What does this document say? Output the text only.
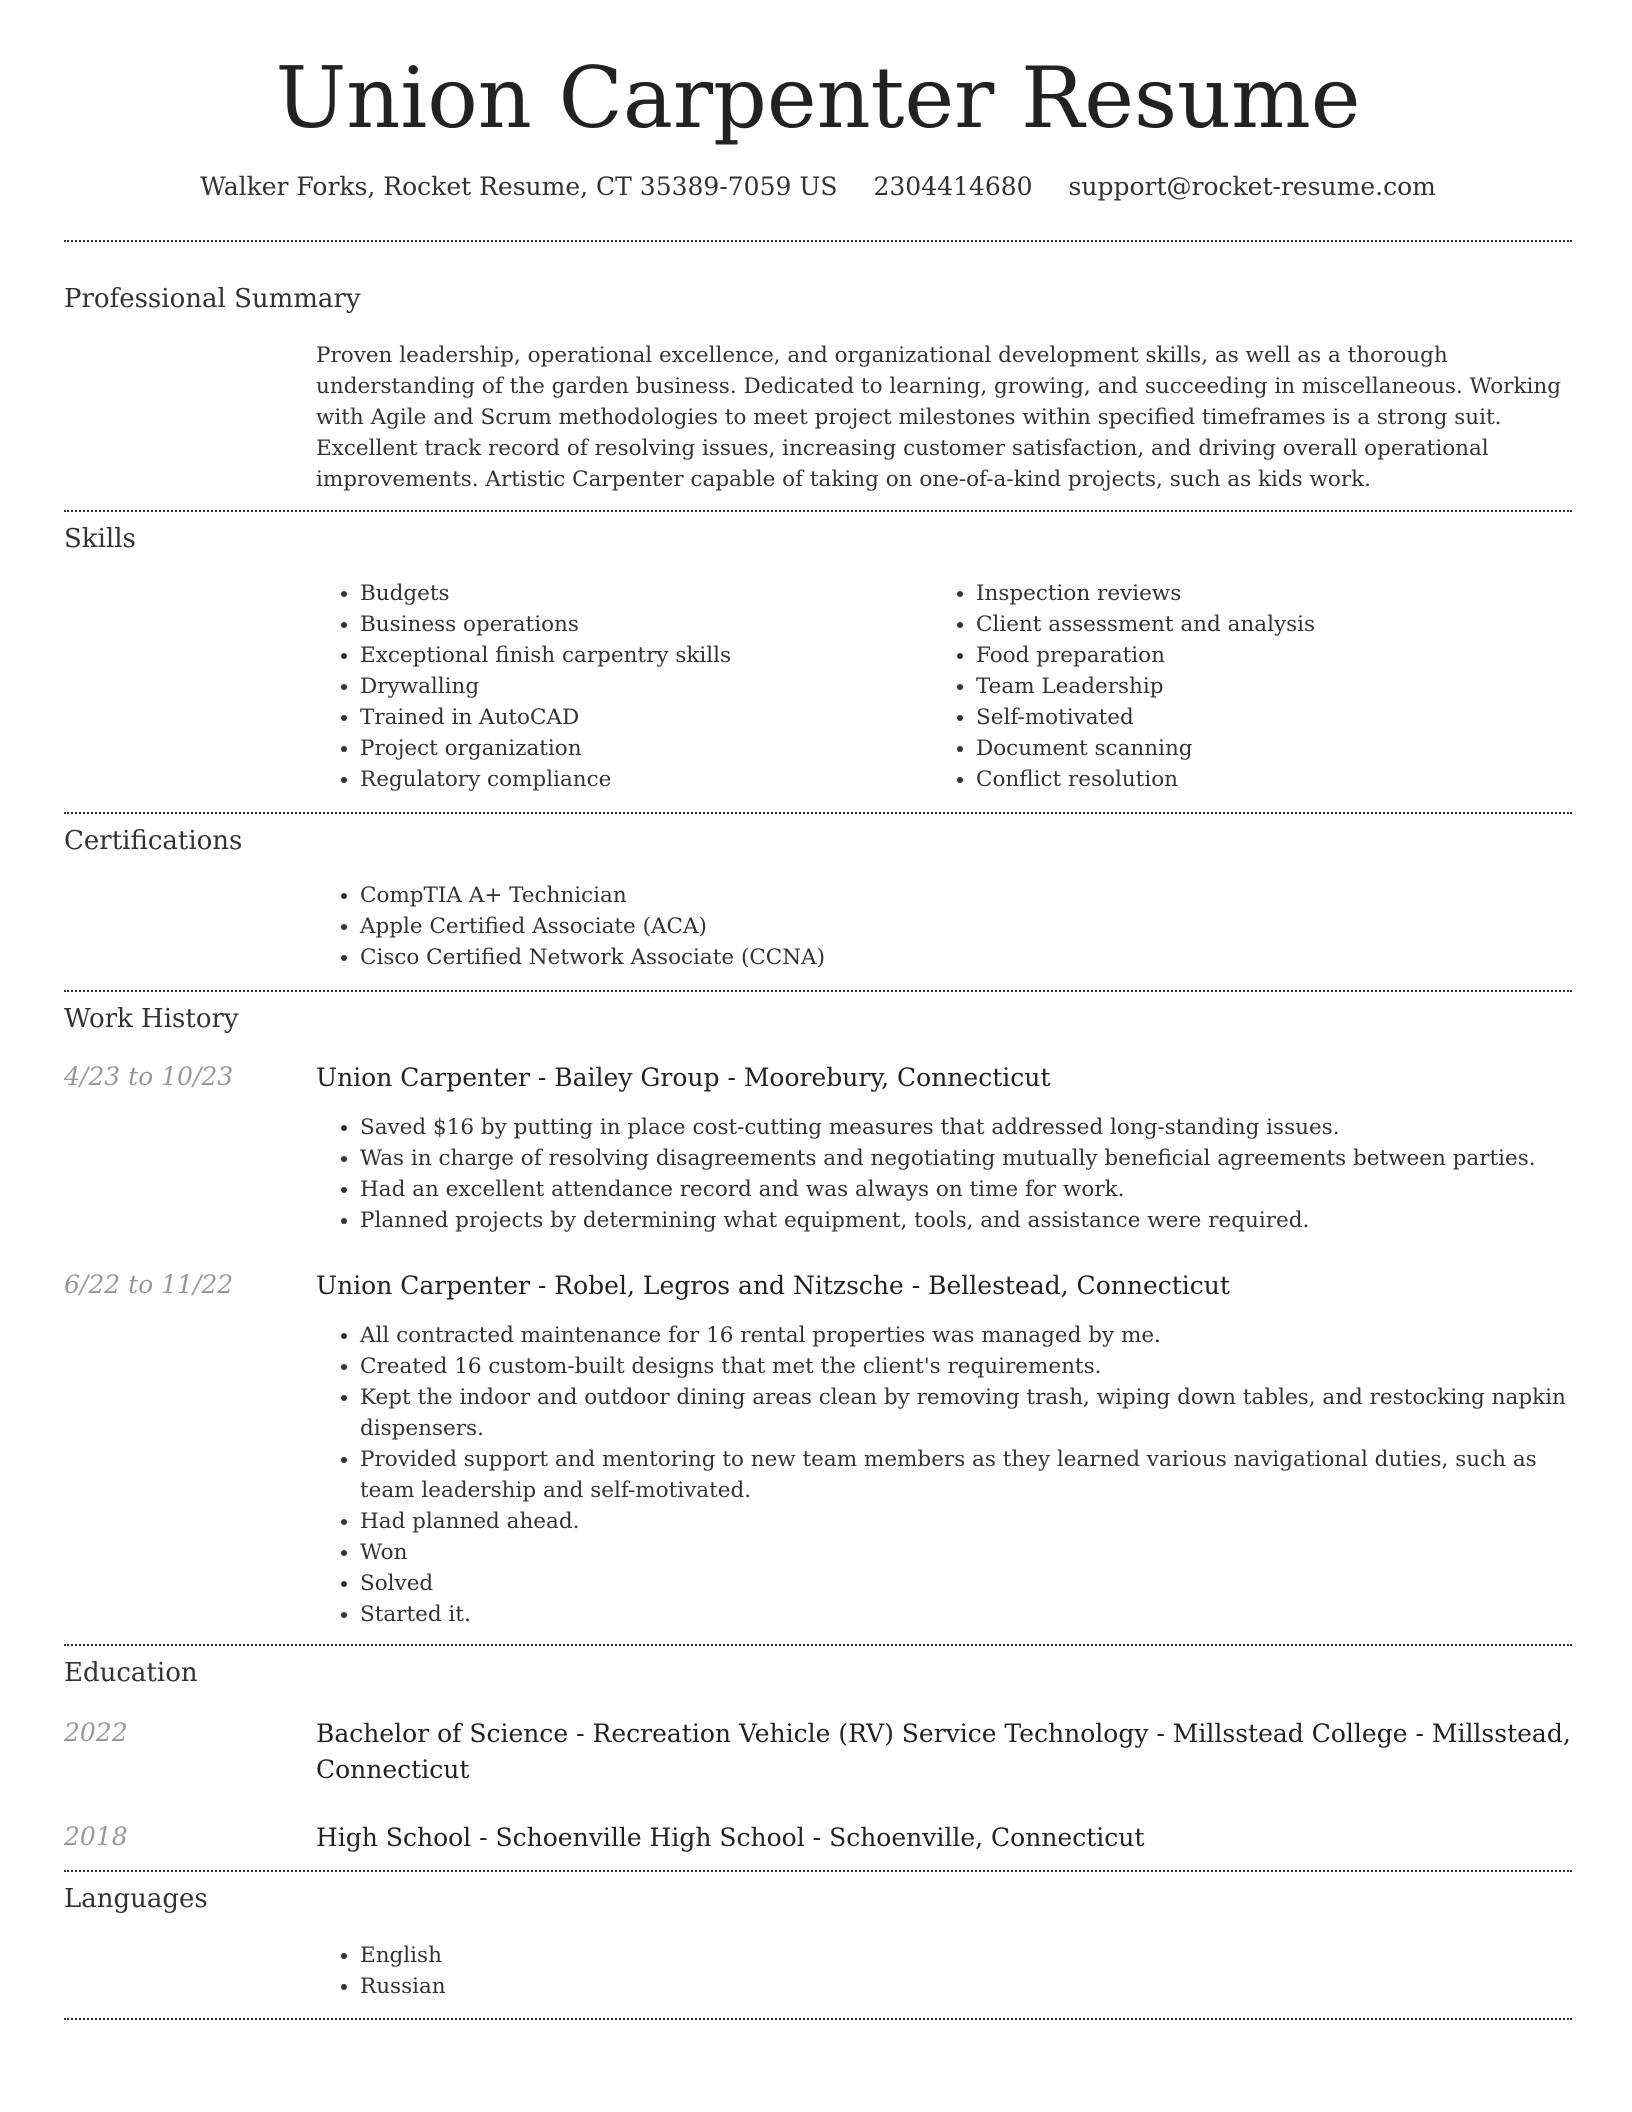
Union Carpenter Resume
Walker Forks, Rocket Resume, CT 35389-7059 US 2304414680 support@rocket-resume.com
Professional Summary

Proven leadership, operational excellence, and organizational development skills, as well as a thorough understanding of the garden business. Dedicated to learning, growing, and succeeding in miscellaneous. Working with Agile and Scrum methodologies to meet project milestones within specified timeframes is a strong suit. Excellent track record of resolving issues, increasing customer satisfaction, and driving overall operational improvements. Artistic Carpenter capable of taking on one-of-a-kind projects, such as kids work.

Skills
• Budgets
• Business operations
• Exceptional finish carpentry skills
• Drywalling
• Trained in AutoCAD
• Project organization
• Regulatory compliance
• Inspection reviews
• Client assessment and analysis
• Food preparation
• Team Leadership
• Self-motivated
• Document scanning
• Conflict resolution
Certifications
• CompTIA A+ Technician
• Apple Certified Associate (ACA)
• Cisco Certified Network Associate (CCNA)
Work History
4/23 to 10/23	Union Carpenter - Bailey Group - Moorebury, Connecticut
• Saved $16 by putting in place cost-cutting measures that addressed long-standing issues.
• Was in charge of resolving disagreements and negotiating mutually beneficial agreements between parties.
• Had an excellent attendance record and was always on time for work.
• Planned projects by determining what equipment, tools, and assistance were required.
6/22 to 11/22	Union Carpenter - Robel, Legros and Nitzsche - Bellestead, Connecticut
• All contracted maintenance for 16 rental properties was managed by me.
• Created 16 custom-built designs that met the client's requirements.
• Kept the indoor and outdoor dining areas clean by removing trash, wiping down tables, and restocking napkin dispensers.
• Provided support and mentoring to new team members as they learned various navigational duties, such as team leadership and self-motivated.
• Had planned ahead.
• Won
• Solved
• Started it.
Education
2022	Bachelor of Science - Recreation Vehicle (RV) Service Technology - Millsstead College - Millsstead, Connecticut
2018	High School - Schoenville High School - Schoenville, Connecticut
Languages
• English
• Russian
